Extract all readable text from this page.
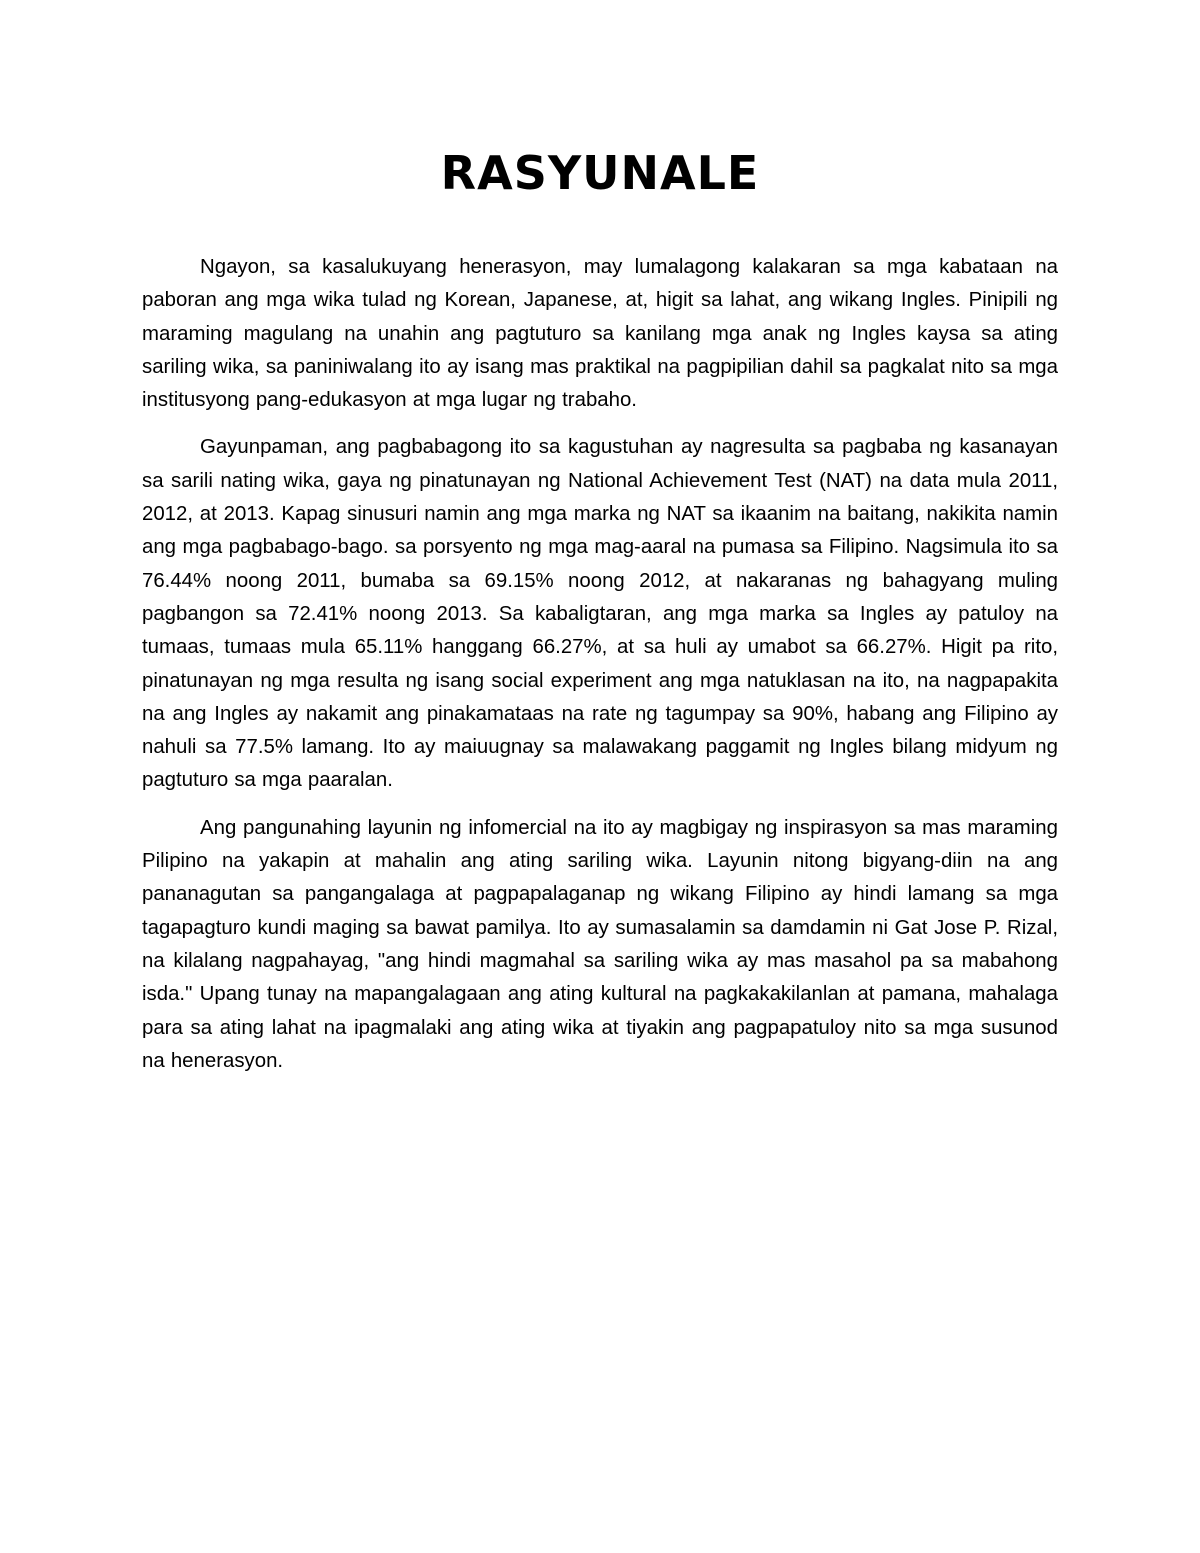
RASYUNALE

Ngayon, sa kasalukuyang henerasyon, may lumalagong kalakaran sa mga kabataan na paboran ang mga wika tulad ng Korean, Japanese, at, higit sa lahat, ang wikang Ingles. Pinipili ng maraming magulang na unahin ang pagtuturo sa kanilang mga anak ng Ingles kaysa sa ating sariling wika, sa paniniwalang ito ay isang mas praktikal na pagpipilian dahil sa pagkalat nito sa mga institusyong pang-edukasyon at mga lugar ng trabaho.

Gayunpaman, ang pagbabagong ito sa kagustuhan ay nagresulta sa pagbaba ng kasanayan sa sarili nating wika, gaya ng pinatunayan ng National Achievement Test (NAT) na data mula 2011, 2012, at 2013. Kapag sinusuri namin ang mga marka ng NAT sa ikaanim na baitang, nakikita namin ang mga pagbabago-bago. sa porsyento ng mga mag-aaral na pumasa sa Filipino. Nagsimula ito sa 76.44% noong 2011, bumaba sa 69.15% noong 2012, at nakaranas ng bahagyang muling pagbangon sa 72.41% noong 2013. Sa kabaligtaran, ang mga marka sa Ingles ay patuloy na tumaas, tumaas mula 65.11% hanggang 66.27%, at sa huli ay umabot sa 66.27%. Higit pa rito, pinatunayan ng mga resulta ng isang social experiment ang mga natuklasan na ito, na nagpapakita na ang Ingles ay nakamit ang pinakamataas na rate ng tagumpay sa 90%, habang ang Filipino ay nahuli sa 77.5% lamang. Ito ay maiuugnay sa malawakang paggamit ng Ingles bilang midyum ng pagtuturo sa mga paaralan.

Ang pangunahing layunin ng infomercial na ito ay magbigay ng inspirasyon sa mas maraming Pilipino na yakapin at mahalin ang ating sariling wika. Layunin nitong bigyang-diin na ang pananagutan sa pangangalaga at pagpapalaganap ng wikang Filipino ay hindi lamang sa mga tagapagturo kundi maging sa bawat pamilya. Ito ay sumasalamin sa damdamin ni Gat Jose P. Rizal, na kilalang nagpahayag, "ang hindi magmahal sa sariling wika ay mas masahol pa sa mabahong isda." Upang tunay na mapangalagaan ang ating kultural na pagkakakilanlan at pamana, mahalaga para sa ating lahat na ipagmalaki ang ating wika at tiyakin ang pagpapatuloy nito sa mga susunod na henerasyon.
